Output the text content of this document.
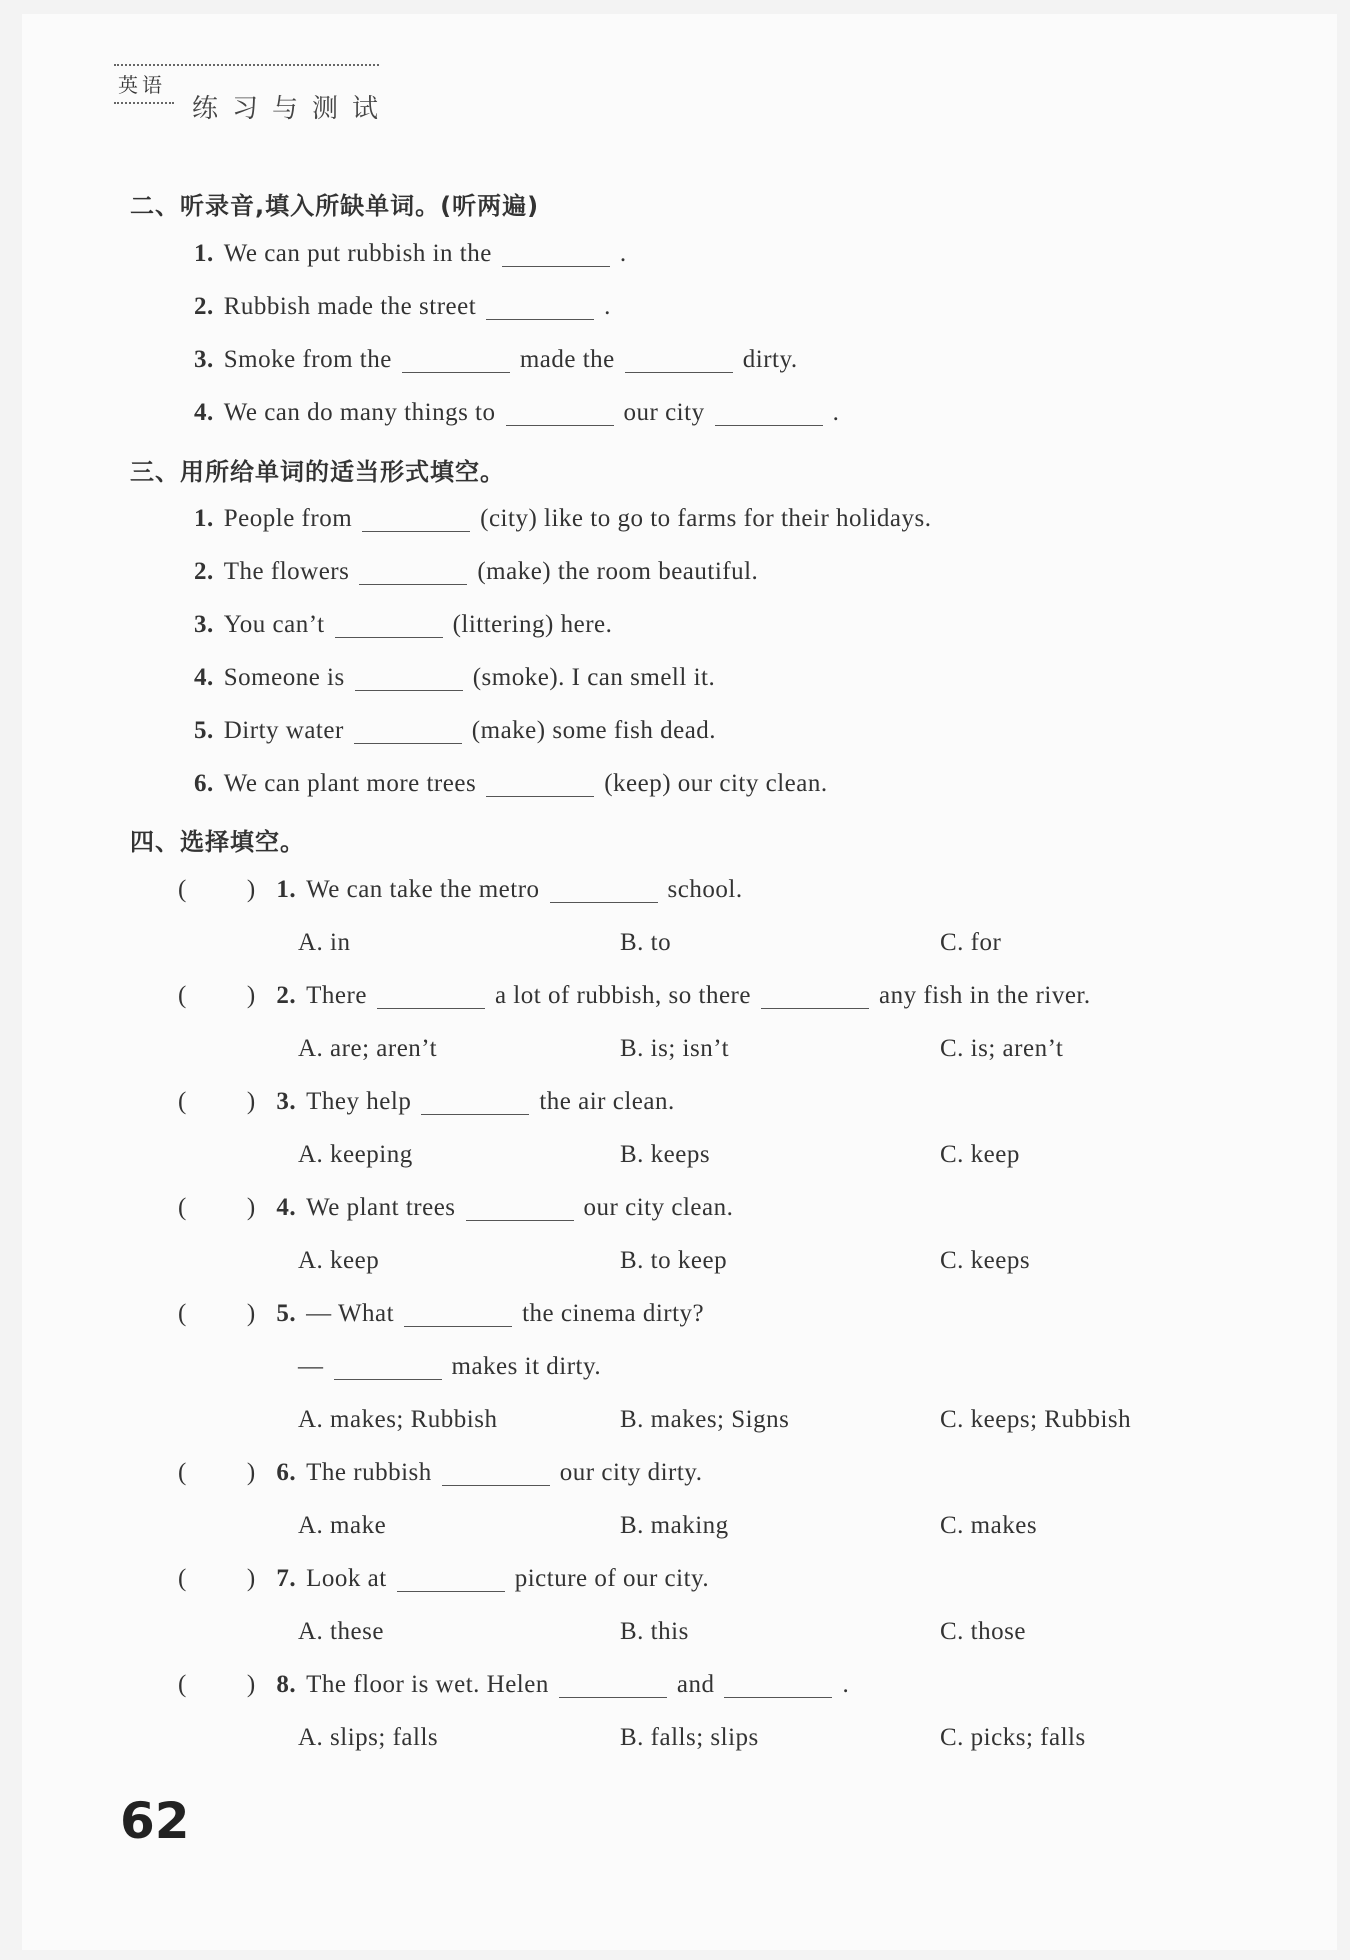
英语
练习与测试
二、听录音,填入所缺单词。(听两遍)
1. We can put rubbish in the	.
2. Rubbish made the street	.
3. Smoke from the	made the	dirty.
4. We can do many things to	our city	.
三、用所给单词的适当形式填空。
1. People from	(city) like to go to farms for their holidays.
2. The flowers	(make) the room beautiful.
3. You can’t	(littering) here.
4. Someone is	(smoke). I can smell it.
5. Dirty water	(make) some fish dead.
6. We can plant more trees	(keep) our city clean.
四、选择填空。
( ) 1. We can take the metro	school.
A. in	B. to	C. for
( ) 2. There	a lot of rubbish, so there	any fish in the river.
A. are; aren’t	B. is; isn’t	C. is; aren’t
( ) 3. They help	the air clean.
A. keeping	B. keeps	C. keep
( ) 4. We plant trees	our city clean.
A. keep	B. to keep	C. keeps
( ) 5. — What	the cinema dirty?
—	makes it dirty.
A. makes; Rubbish	B. makes; Signs	C. keeps; Rubbish
( ) 6. The rubbish	our city dirty.
A. make	B. making	C. makes
( ) 7. Look at	picture of our city.
A. these	B. this	C. those
( ) 8. The floor is wet. Helen	and	.
A. slips; falls	B. falls; slips	C. picks; falls
62
